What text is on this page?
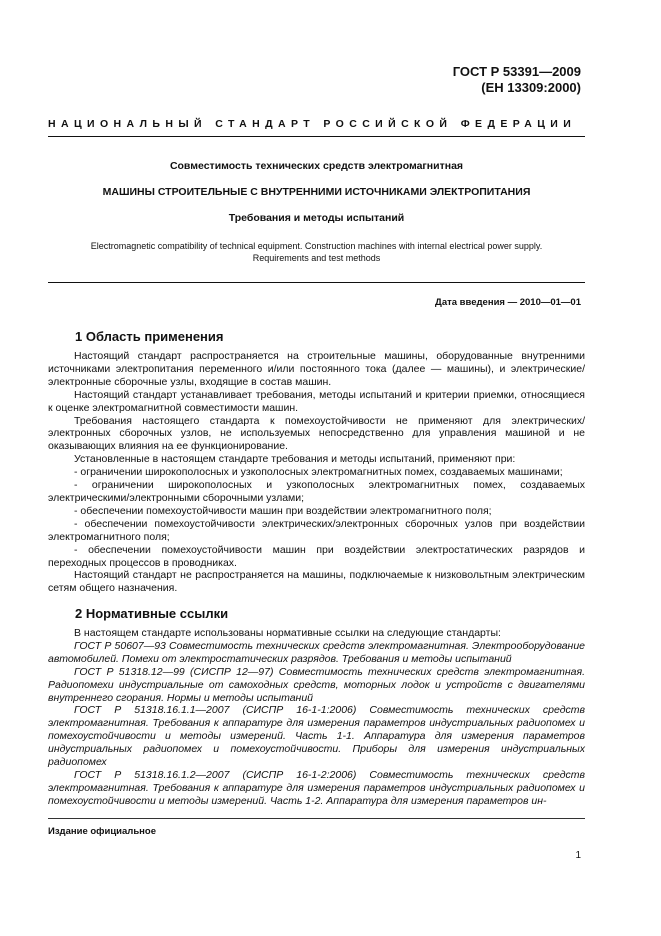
ГОСТ Р 53391—2009
(ЕН 13309:2000)
НАЦИОНАЛЬНЫЙ СТАНДАРТ РОССИЙСКОЙ ФЕДЕРАЦИИ
Совместимость технических средств электромагнитная
МАШИНЫ СТРОИТЕЛЬНЫЕ С ВНУТРЕННИМИ ИСТОЧНИКАМИ ЭЛЕКТРОПИТАНИЯ
Требования и методы испытаний
Electromagnetic compatibility of technical equipment. Construction machines with internal electrical power supply.
Requirements and test methods
Дата введения — 2010—01—01
1 Область применения

Настоящий стандарт распространяется на строительные машины, оборудованные внутренними источниками электропитания переменного и/или постоянного тока (далее — машины), и электрические/электронные сборочные узлы, входящие в состав машин.

Настоящий стандарт устанавливает требования, методы испытаний и критерии приемки, относящиеся к оценке электромагнитной совместимости машин.

Требования настоящего стандарта к помехоустойчивости не применяют для электрических/электронных сборочных узлов, не используемых непосредственно для управления машиной и не оказывающих влияния на ее функционирование.

Установленные в настоящем стандарте требования и методы испытаний, применяют при:

- ограничении широкополосных и узкополосных электромагнитных помех, создаваемых машинами;

- ограничении широкополосных и узкополосных электромагнитных помех, создаваемых электрическими/электронными сборочными узлами;

- обеспечении помехоустойчивости машин при воздействии электромагнитного поля;

- обеспечении помехоустойчивости электрических/электронных сборочных узлов при воздействии электромагнитного поля;

- обеспечении помехоустойчивости машин при воздействии электростатических разрядов и переходных процессов в проводниках.

Настоящий стандарт не распространяется на машины, подключаемые к низковольтным электрическим сетям общего назначения.

2 Нормативные ссылки

В настоящем стандарте использованы нормативные ссылки на следующие стандарты:

ГОСТ Р 50607—93 Совместимость технических средств электромагнитная. Электрооборудование автомобилей. Помехи от электростатических разрядов. Требования и методы испытаний

ГОСТ Р 51318.12—99 (СИСПР 12—97) Совместимость технических средств электромагнитная. Радиопомехи индустриальные от самоходных средств, моторных лодок и устройств с двигателями внутреннего сгорания. Нормы и методы испытаний

ГОСТ Р 51318.16.1.1—2007 (СИСПР 16-1-1:2006) Совместимость технических средств электромагнитная. Требования к аппаратуре для измерения параметров индустриальных радиопомех и помехоустойчивости и методы измерений. Часть 1-1. Аппаратура для измерения параметров индустриальных радиопомех и помехоустойчивости. Приборы для измерения индустриальных радиопомех

ГОСТ Р 51318.16.1.2—2007 (СИСПР 16-1-2:2006) Совместимость технических средств электромагнитная. Требования к аппаратуре для измерения параметров индустриальных радиопомех и помехоустойчивости и методы измерений. Часть 1-2. Аппаратура для измерения параметров ин-

Издание официальное
1
